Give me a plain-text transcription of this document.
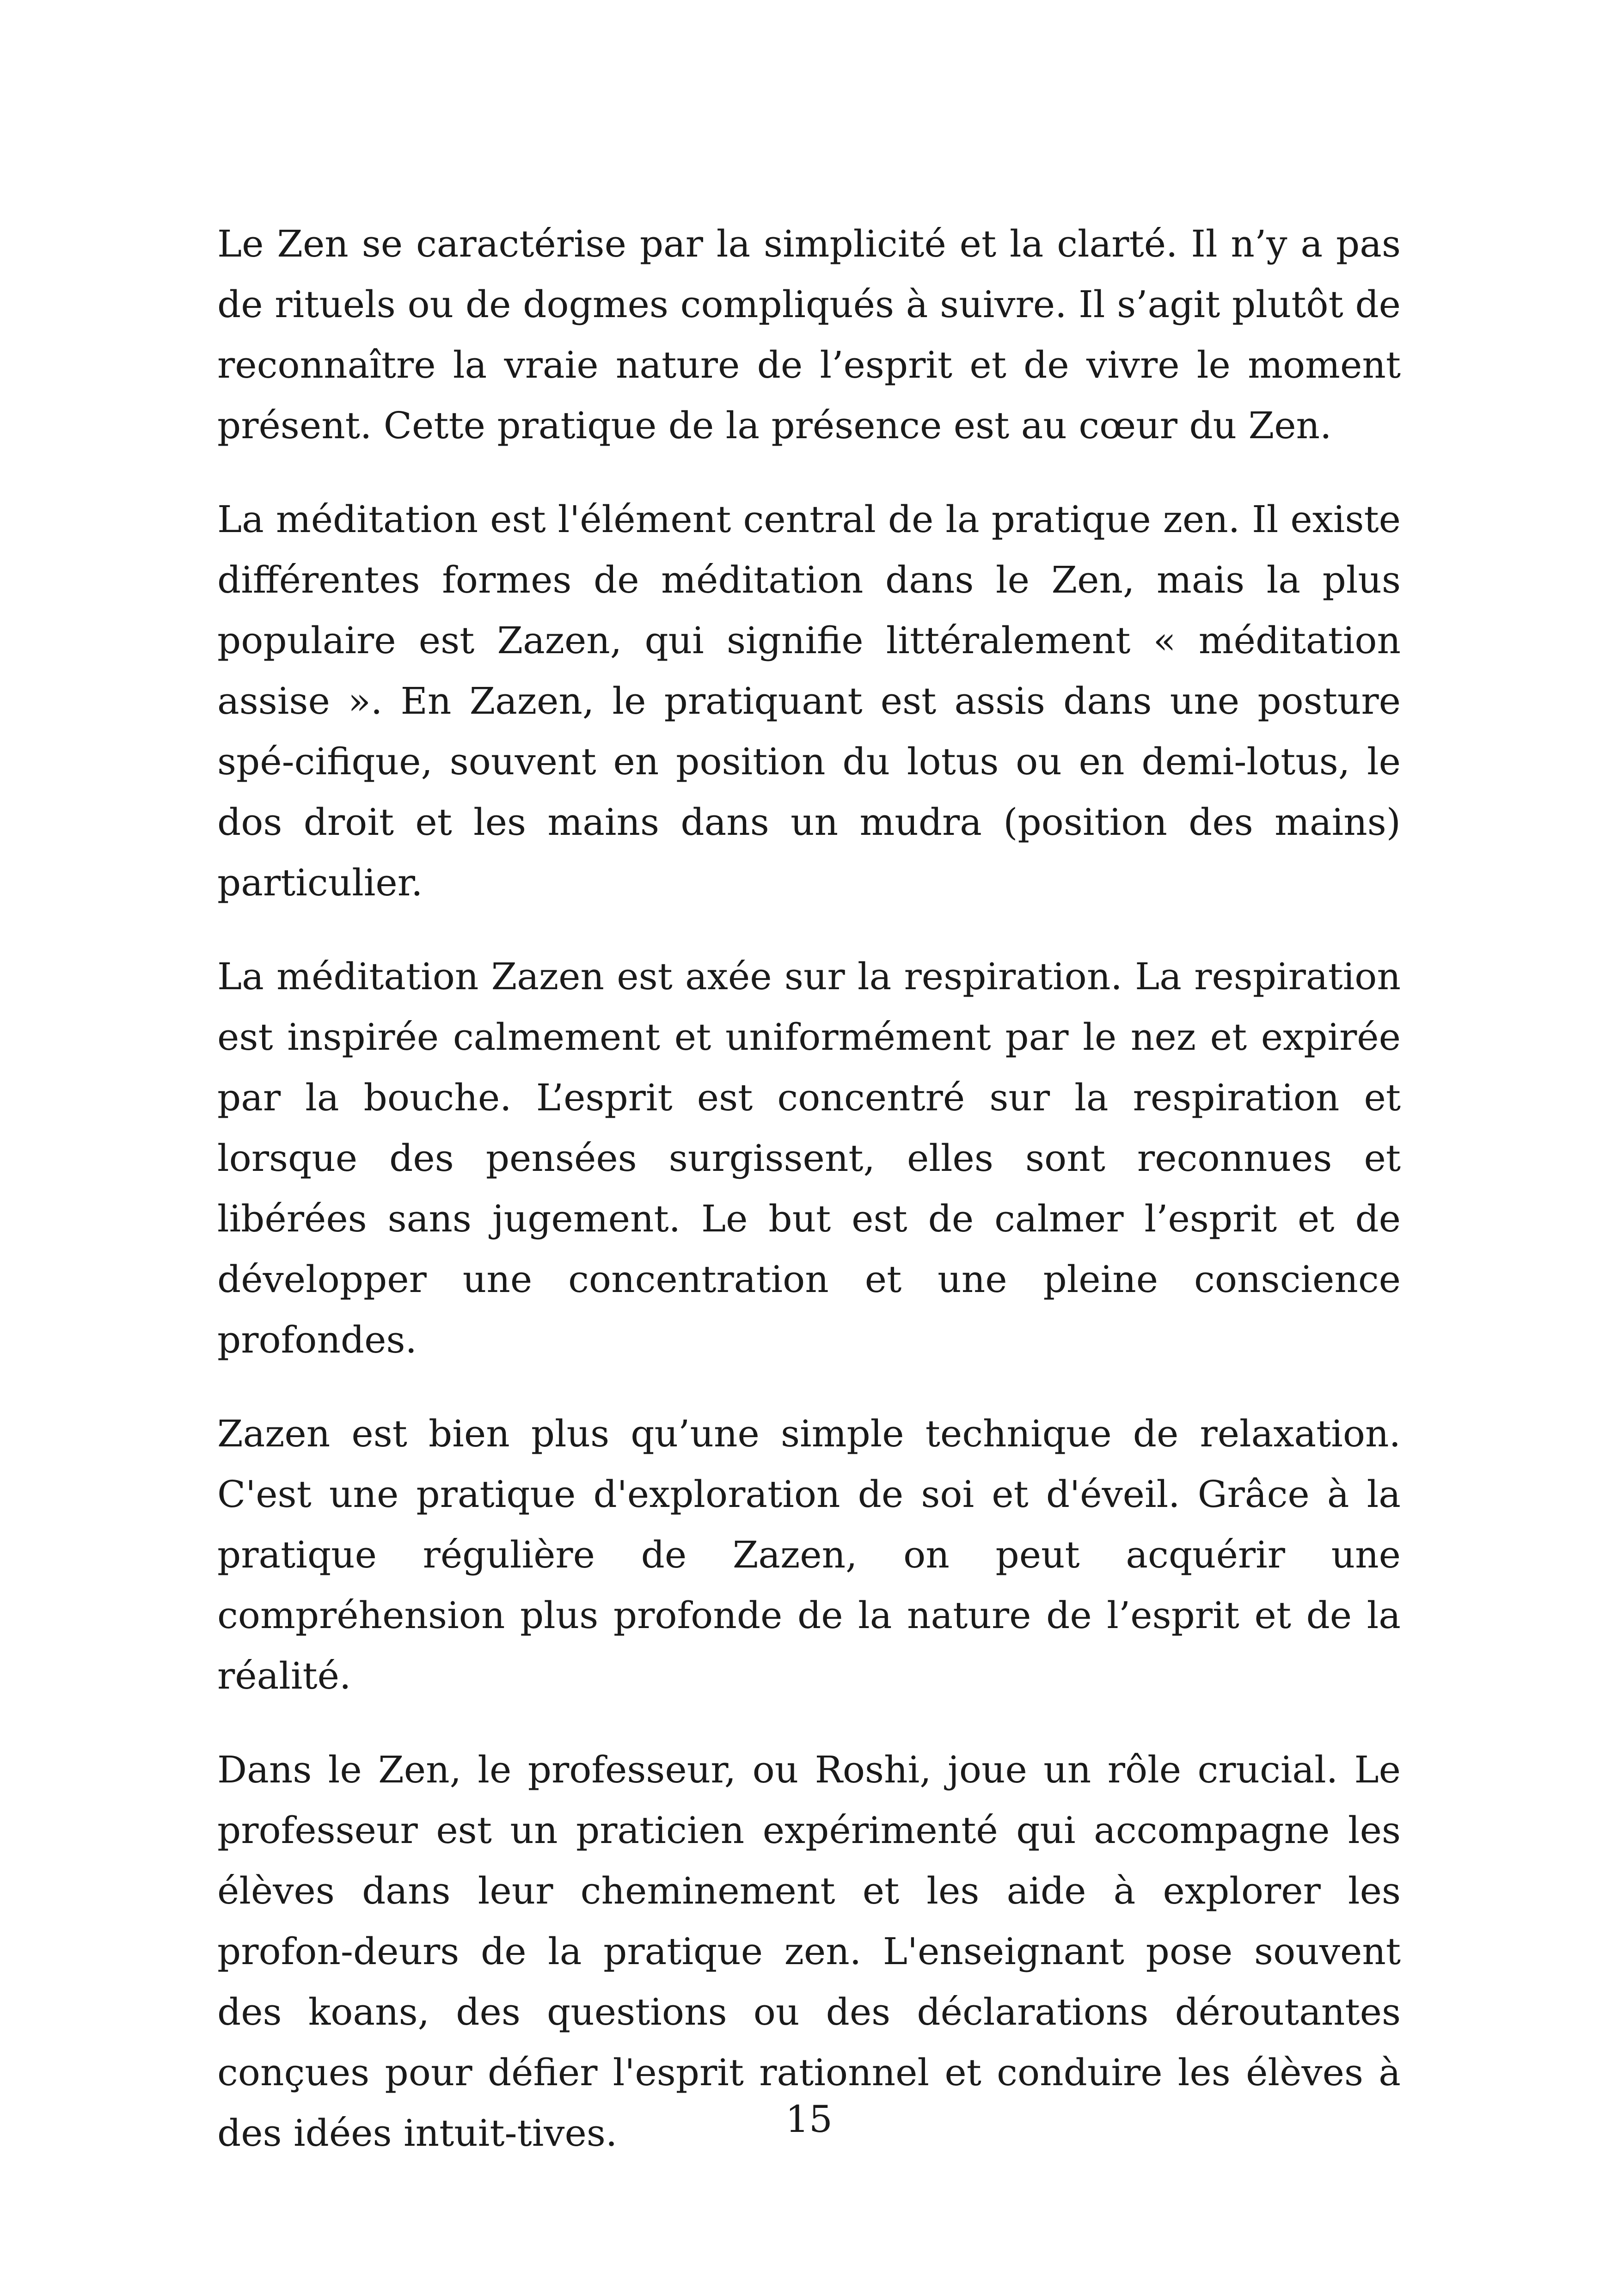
Le Zen se caractérise par la simplicité et la clarté. Il n’y a pas de rituels ou de dogmes compliqués à suivre. Il s’agit plutôt de reconnaître la vraie nature de l’esprit et de vivre le moment présent. Cette pratique de la présence est au cœur du Zen.

La méditation est l'élément central de la pratique zen. Il existe différentes formes de méditation dans le Zen, mais la plus populaire est Zazen, qui signifie littéralement « méditation assise ». En Zazen, le pratiquant est assis dans une posture spé-cifique, souvent en position du lotus ou en demi-lotus, le dos droit et les mains dans un mudra (position des mains) particulier.

La méditation Zazen est axée sur la respiration. La respiration est inspirée calmement et uniformément par le nez et expirée par la bouche. L’esprit est concentré sur la respiration et lorsque des pensées surgissent, elles sont reconnues et libérées sans jugement. Le but est de calmer l’esprit et de développer une concentration et une pleine conscience profondes.

Zazen est bien plus qu’une simple technique de relaxation. C'est une pratique d'exploration de soi et d'éveil. Grâce à la pratique régulière de Zazen, on peut acquérir une compréhension plus profonde de la nature de l’esprit et de la réalité.

Dans le Zen, le professeur, ou Roshi, joue un rôle crucial. Le professeur est un praticien expérimenté qui accompagne les élèves dans leur cheminement et les aide à explorer les profon-deurs de la pratique zen. L'enseignant pose souvent des koans, des questions ou des déclarations déroutantes conçues pour défier l'esprit rationnel et conduire les élèves à des idées intuit-tives.	15
